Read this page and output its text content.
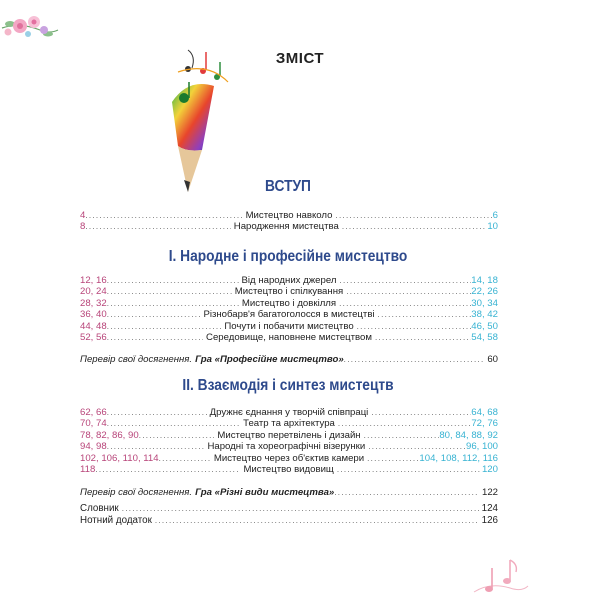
ЗМІСТ
ВСТУП
4 .....	Мистецтво навколо .....	6
8 .....	Народження мистецтва .....	10
І. Народне і професійне мистецтво
12, 16 .....	Від народних джерел .....	14, 18
20, 24 .....	Мистецтво і спілкування .....	22, 26
28, 32 .....	Мистецтво і довкілля .....	30, 34
36, 40 .....	Різнобарв'я багатоголосся в мистецтві .....	38, 42
44, 48 .....	Почути і побачити мистецтво .....	46, 50
52, 56 .....	Середовище, наповнене мистецтвом .....	54, 58
Перевір свої досягнення. Гра «Професійне мистецтво» .....	60
ІІ. Взаємодія і синтез мистецтв
62, 66 .....	Дружнє єднання у творчій співпраці .....	64, 68
70, 74 .....	Театр та архітектура .....	72, 76
78, 82, 86, 90 .....	Мистецтво перетвілень і дизайн .....	80, 84, 88, 92
94, 98 .....	Народні та хореографічні візерунки .....	96, 100
102, 106, 110, 114 .....	Мистецтво через об'єктив камери .....	104, 108, 112, 116
118 .....	Мистецтво видовищ .....	120
Перевір свої досягнення. Гра «Різні види мистецтва» .....	122
Словник .....	124
Нотний додаток .....	126
